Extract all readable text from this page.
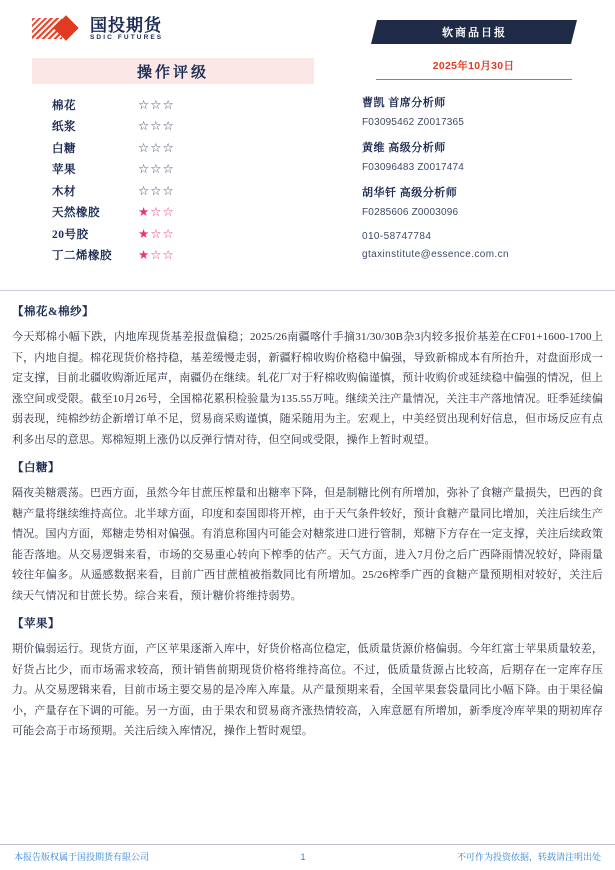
国投期货
SDIC FUTURES
操作评级
棉花	☆☆☆
纸浆	☆☆☆
白糖	☆☆☆
苹果	☆☆☆
木材	☆☆☆
天然橡胶	★☆☆
20号胶	★☆☆
丁二烯橡胶	★☆☆
软商品日报
2025年10月30日
曹凯 首席分析师
F03095462 Z0017365
黄维 高级分析师
F03096483 Z0017474
胡华钎 高级分析师
F0285606 Z0003096
010-58747784
gtaxinstitute@essence.com.cn
【棉花&棉纱】
今天郑棉小幅下跌，内地库现货基差报盘偏稳；2025/26南疆喀什手摘31/30/30B杂3内较多报价基差在CF01+1600-1700上下，内地自提。棉花现货价格持稳，基差缓慢走弱，新疆籽棉收购价格稳中偏强，导致新棉成本有所抬升，对盘面形成一定支撑，目前北疆收购渐近尾声，南疆仍在继续。轧花厂对于籽棉收购偏谨慎，预计收购价或延续稳中偏强的情况，但上涨空间或受限。截至10月26号，全国棉花累积检验量为135.55万吨。继续关注产量情况，关注丰产落地情况。旺季延续偏弱表现，纯棉纱纺企新增订单不足，贸易商采购谨慎，随采随用为主。宏观上，中美经贸出现利好信息，但市场反应有点利多出尽的意思。郑棉短期上涨仍以反弹行情对待，但空间或受限，操作上暂时观望。
【白糖】
隔夜美糖震荡。巴西方面，虽然今年甘蔗压榨量和出糖率下降，但是制糖比例有所增加，弥补了食糖产量损失，巴西的食糖产量将继续维持高位。北半球方面，印度和泰国即将开榨，由于天气条件较好，预计食糖产量同比增加，关注后续生产情况。国内方面，郑糖走势相对偏强。有消息称国内可能会对糖浆进口进行管制，郑糖下方存在一定支撑，关注后续政策能否落地。从交易逻辑来看，市场的交易重心转向下榨季的估产。天气方面，进入7月份之后广西降雨情况较好，降雨量较往年偏多。从遥感数据来看，目前广西甘蔗植被指数同比有所增加。25/26榨季广西的食糖产量预期相对较好，关注后续天气情况和甘蔗长势。综合来看，预计糖价将维持弱势。
【苹果】
期价偏弱运行。现货方面，产区苹果逐渐入库中，好货价格高位稳定，低质量货源价格偏弱。今年红富士苹果质量较差，好货占比少，而市场需求较高，预计销售前期现货价格将维持高位。不过，低质量货源占比较高，后期存在一定库存压力。从交易逻辑来看，目前市场主要交易的是冷库入库量。从产量预期来看，全国苹果套袋量同比小幅下降。由于果径偏小，产量存在下调的可能。另一方面，由于果农和贸易商齐涨热情较高，入库意愿有所增加，新季度冷库苹果的期初库存可能会高于市场预期。关注后续入库情况，操作上暂时观望。
本报告版权属于国投期货有限公司	1	不可作为投资依据，转载请注明出处
